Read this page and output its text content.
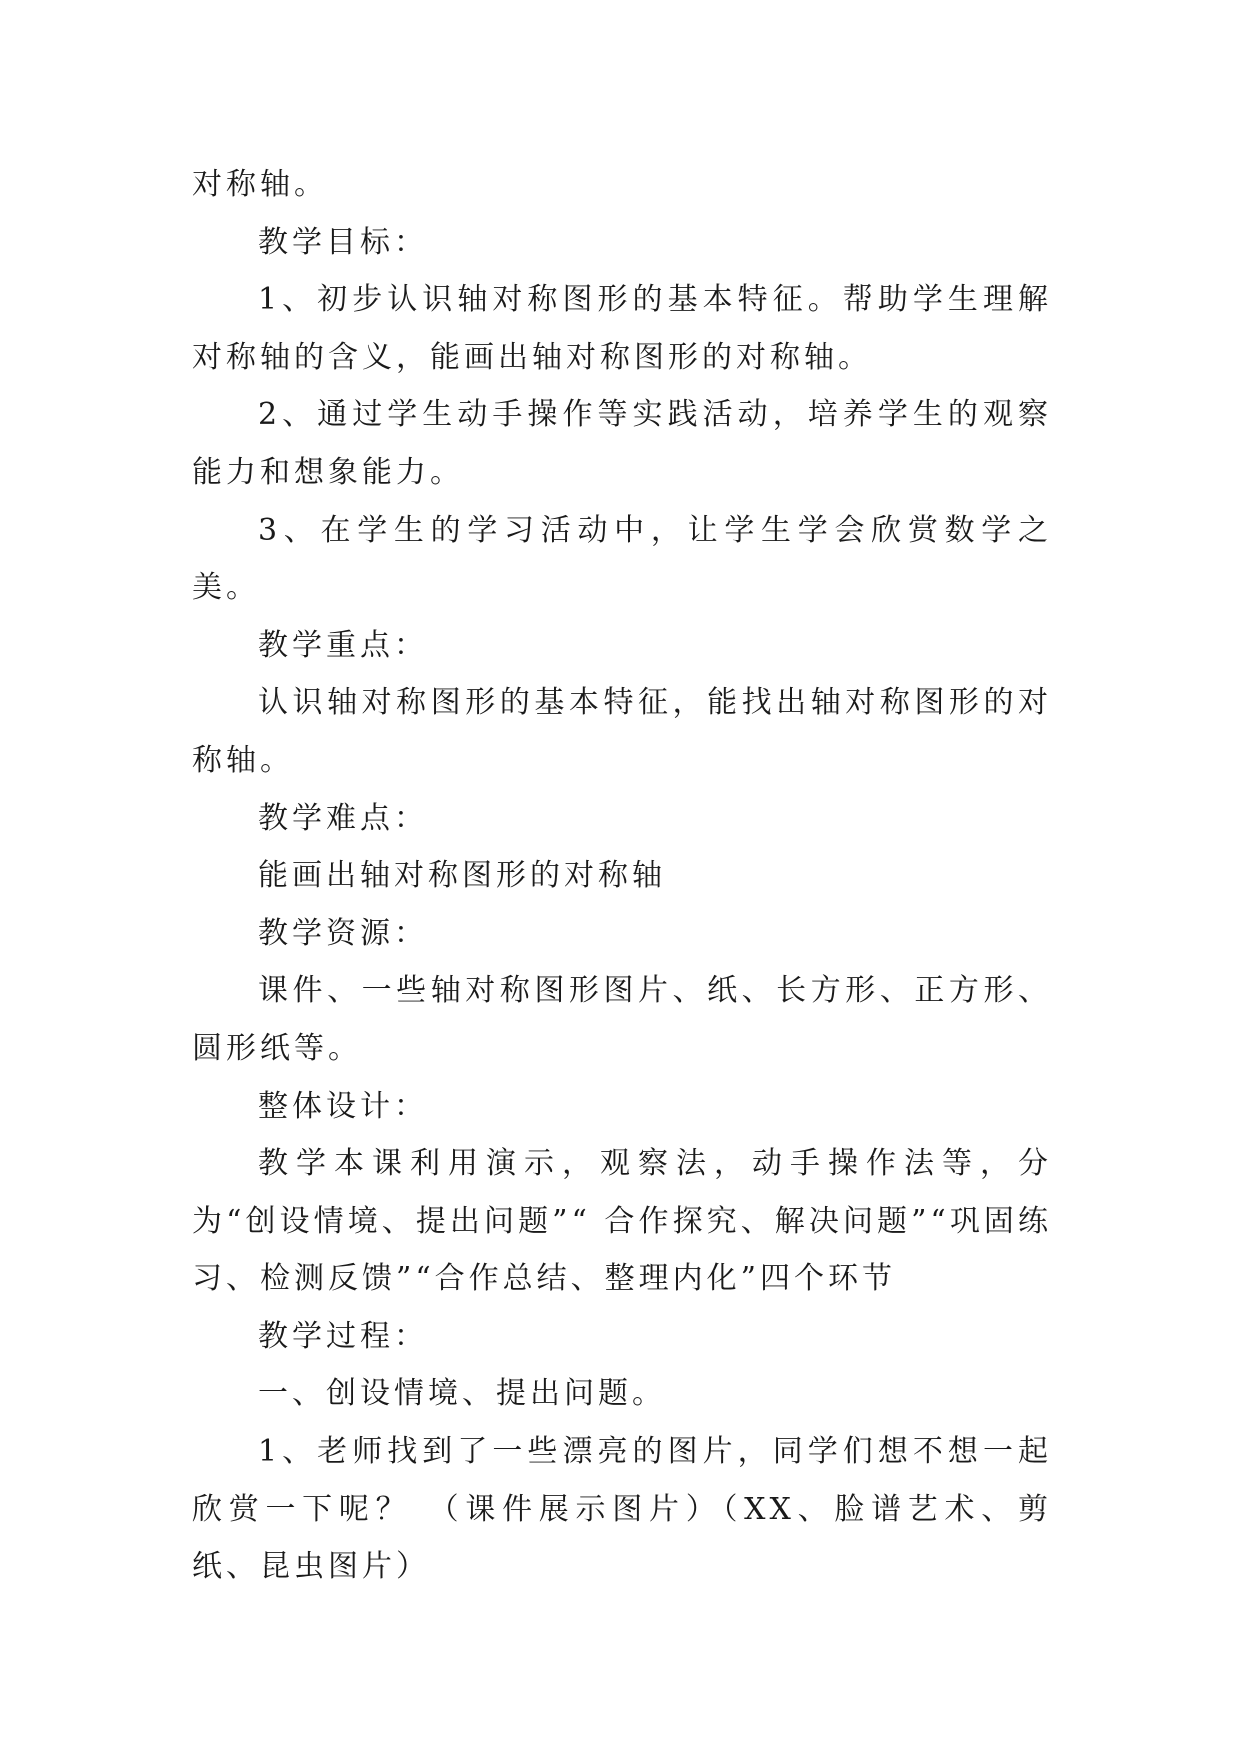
对称轴。

教学目标：

1、初步认识轴对称图形的基本特征。帮助学生理解对称轴的含义，能画出轴对称图形的对称轴。

2、通过学生动手操作等实践活动，培养学生的观察能力和想象能力。

3、在学生的学习活动中，让学生学会欣赏数学之美。

教学重点：

认识轴对称图形的基本特征，能找出轴对称图形的对称轴。

教学难点：

能画出轴对称图形的对称轴

教学资源：

课件、一些轴对称图形图片、纸、长方形、正方形、圆形纸等。

整体设计：

教学本课利用演示，观察法，动手操作法等，分为“创设情境、提出问题”“ 合作探究、解决问题”“巩固练习、检测反馈”“合作总结、整理内化”四个环节

教学过程：

一、创设情境、提出问题。

1、老师找到了一些漂亮的图片，同学们想不想一起欣赏一下呢？ （课件展示图片）（XX、脸谱艺术、剪纸、昆虫图片）
